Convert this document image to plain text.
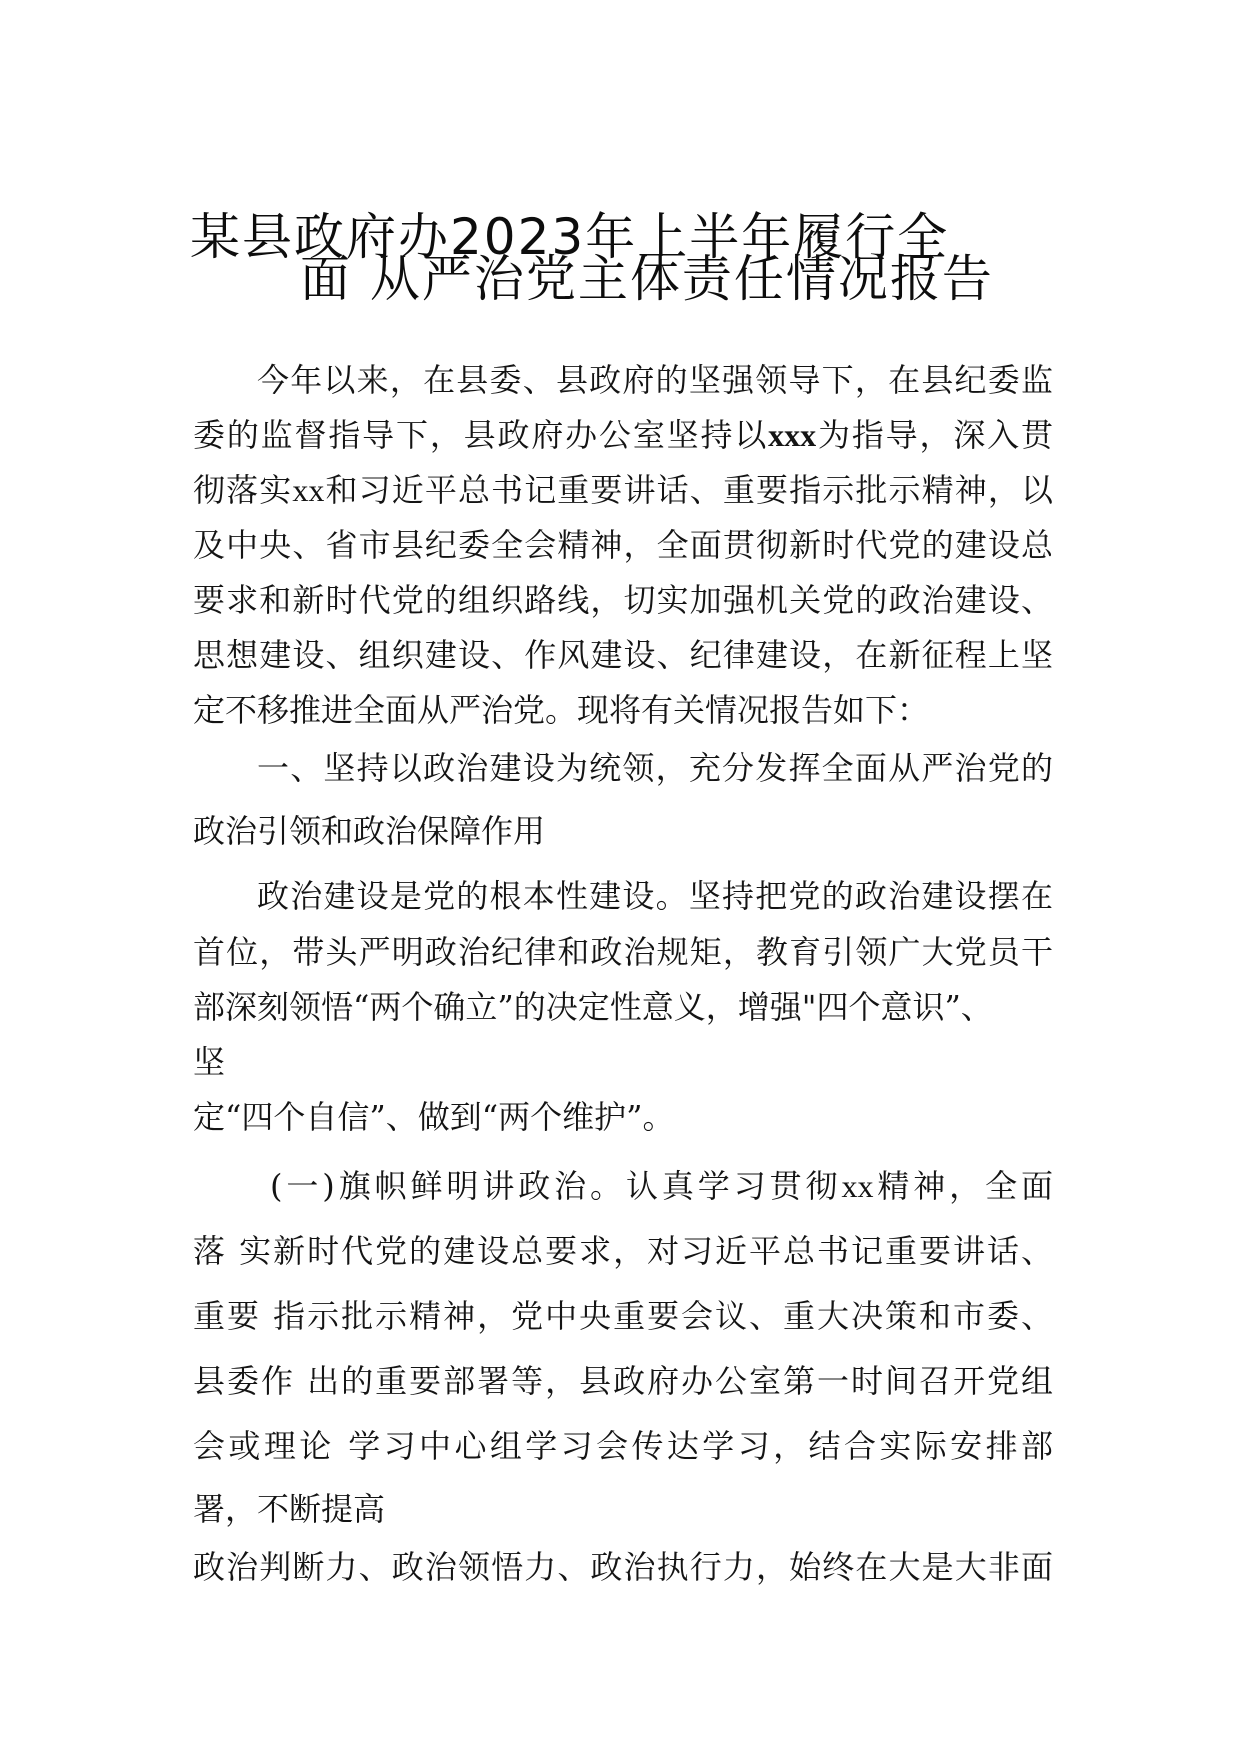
某县政府办2023年上半年履行全
面 从严治党主体责任情况报告
今年以来，在县委、县政府的坚强领导下，在县纪委监
委的监督指导下，县政府办公室坚持以xxx为指导，深入贯
彻落实xx和习近平总书记重要讲话、重要指示批示精神，以
及中央、省市县纪委全会精神，全面贯彻新时代党的建设总
要求和新时代党的组织路线，切实加强机关党的政治建设、
思想建设、组织建设、作风建设、纪律建设，在新征程上坚
定不移推进全面从严治党。现将有关情况报告如下：
一、坚持以政治建设为统领，充分发挥全面从严治党的
政治引领和政治保障作用
政治建设是党的根本性建设。坚持把党的政治建设摆在
首位，带头严明政治纪律和政治规矩，教育引领广大党员干
部深刻领悟“两个确立”的决定性意义，增强"四个意识”、
坚
定“四个自信”、做到“两个维护”。
(一)旗帜鲜明讲政治。认真学习贯彻xx精神，全面
落 实新时代党的建设总要求，对习近平总书记重要讲话、
重要 指示批示精神，党中央重要会议、重大决策和市委、
县委作 出的重要部署等，县政府办公室第一时间召开党组
会或理论 学习中心组学习会传达学习，结合实际安排部
署，不断提高
政治判断力、政治领悟力、政治执行力，始终在大是大非面
